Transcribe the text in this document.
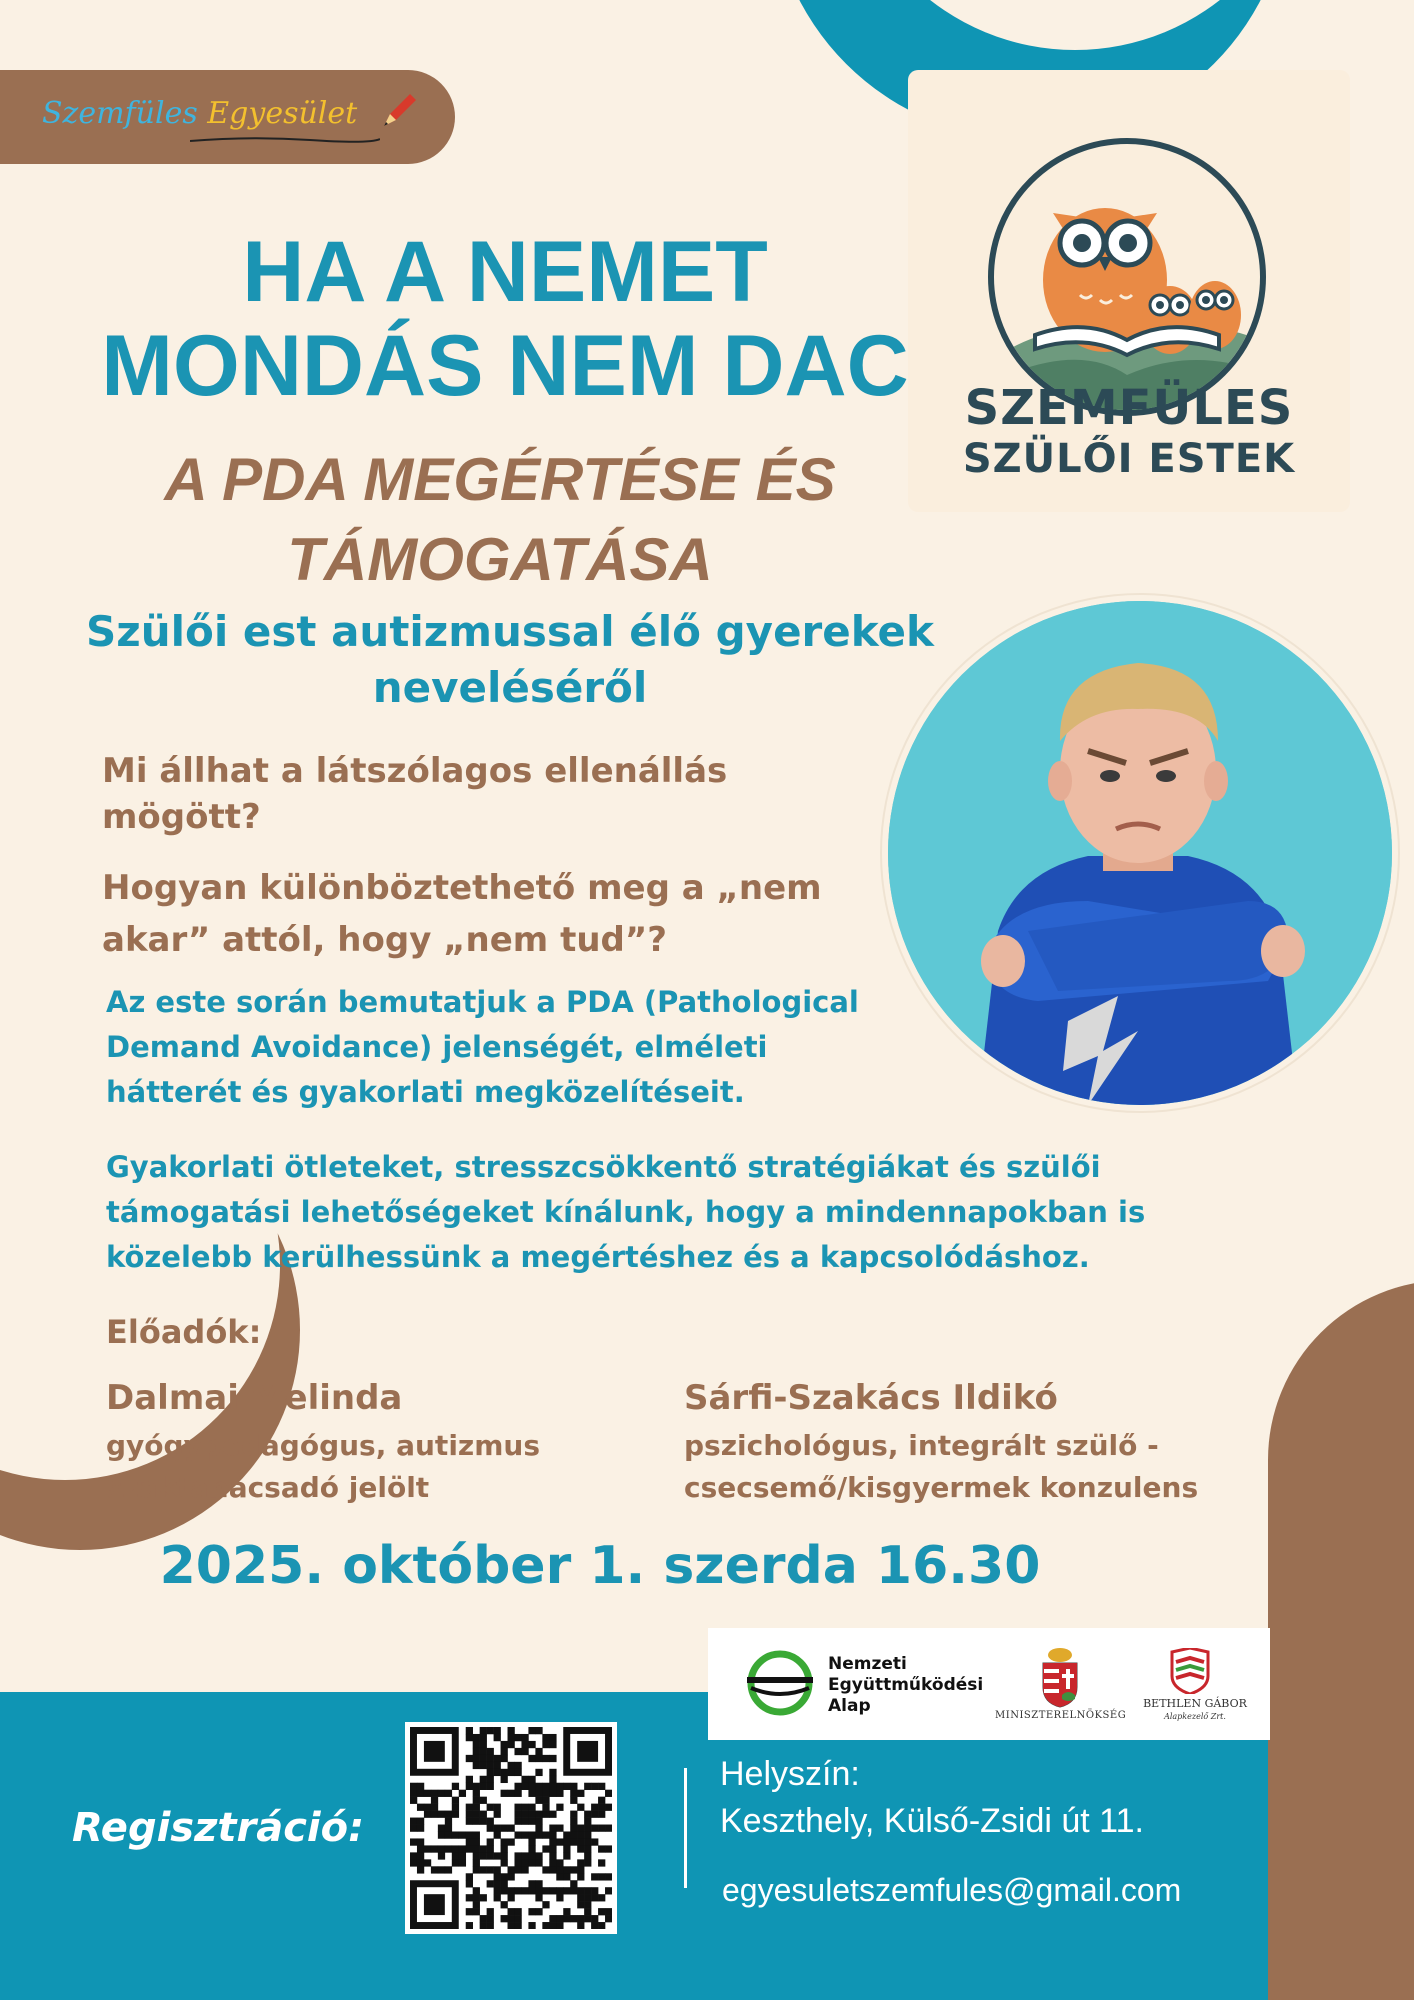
Szemfüles Egyesület
SZEMFÜLES
SZÜLŐI ESTEK
HA A NEMET
MONDÁS NEM DAC
A PDA MEGÉRTÉSE ÉS
TÁMOGATÁSA
Szülői est autizmussal élő gyerekek
neveléséről
Mi állhat a látszólagos ellenállás
mögött?
Hogyan különböztethető meg a „nem
akar” attól, hogy „nem tud”?
Az este során bemutatjuk a PDA (Pathological
Demand Avoidance) jelenségét, elméleti
hátterét és gyakorlati megközelítéseit.
Gyakorlati ötleteket, stresszcsökkentő stratégiákat és szülői
támogatási lehetőségeket kínálunk, hogy a mindennapokban is
közelebb kerülhessünk a megértéshez és a kapcsolódáshoz.
Előadók:
Dalmai Melinda
gyógypedagógus, autizmus
szaktanácsadó jelölt
Sárfi-Szakács Ildikó
pszichológus, integrált szülő -
csecsemő/kisgyermek konzulens
2025. október 1. szerda 16.30
Nemzeti
Együttműködési
Alap	MINISZTERELNÖKSÉG
BETHLEN GÁBOR
Alapkezelő Zrt.
Regisztráció:
Helyszín:
Keszthely, Külső-Zsidi út 11.
egyesuletszemfules@gmail.com
